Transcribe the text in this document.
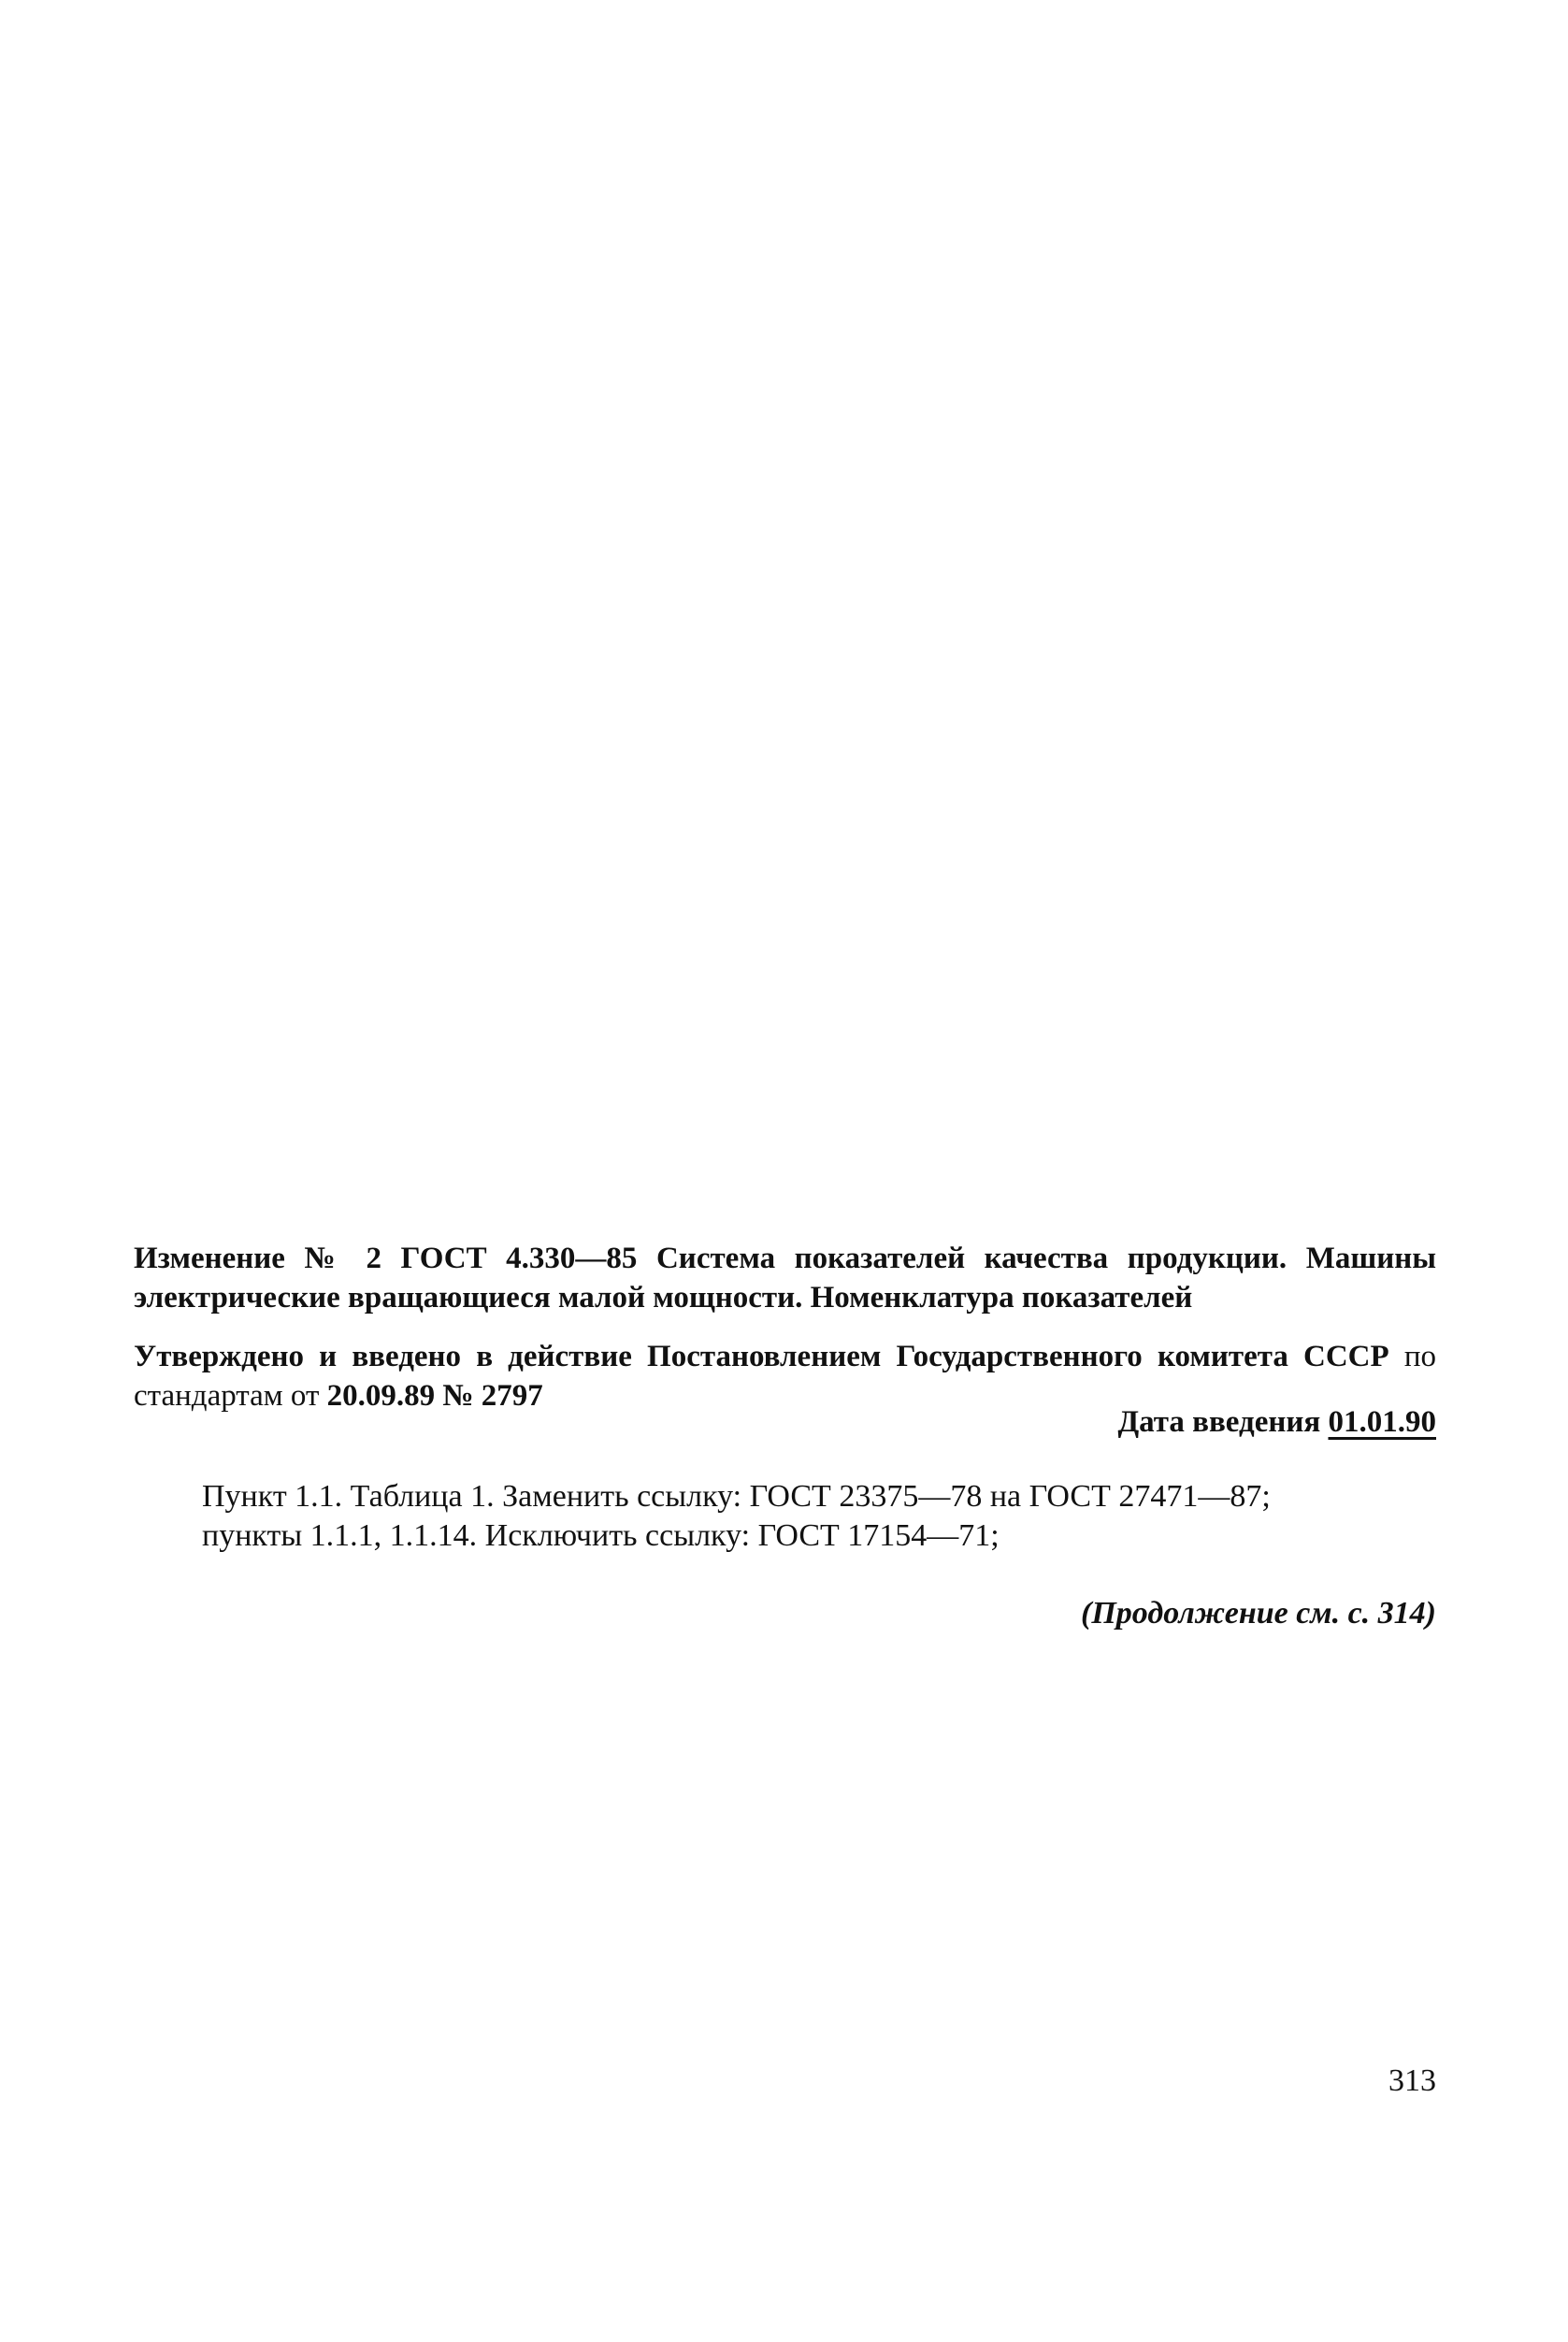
Изменение № 2 ГОСТ 4.330—85 Система показателей качества продукции. Машины электрические вращающиеся малой мощности. Номенклатура показателей
Утверждено и введено в действие Постановлением Государственного комитета СССР по стандартам от 20.09.89 № 2797
Дата введения 01.01.90

Пункт 1.1. Таблица 1. Заменить ссылку: ГОСТ 23375—78 на ГОСТ 27471—87;

пункты 1.1.1, 1.1.14. Исключить ссылку: ГОСТ 17154—71;

(Продолжение см. с. 314)
313
